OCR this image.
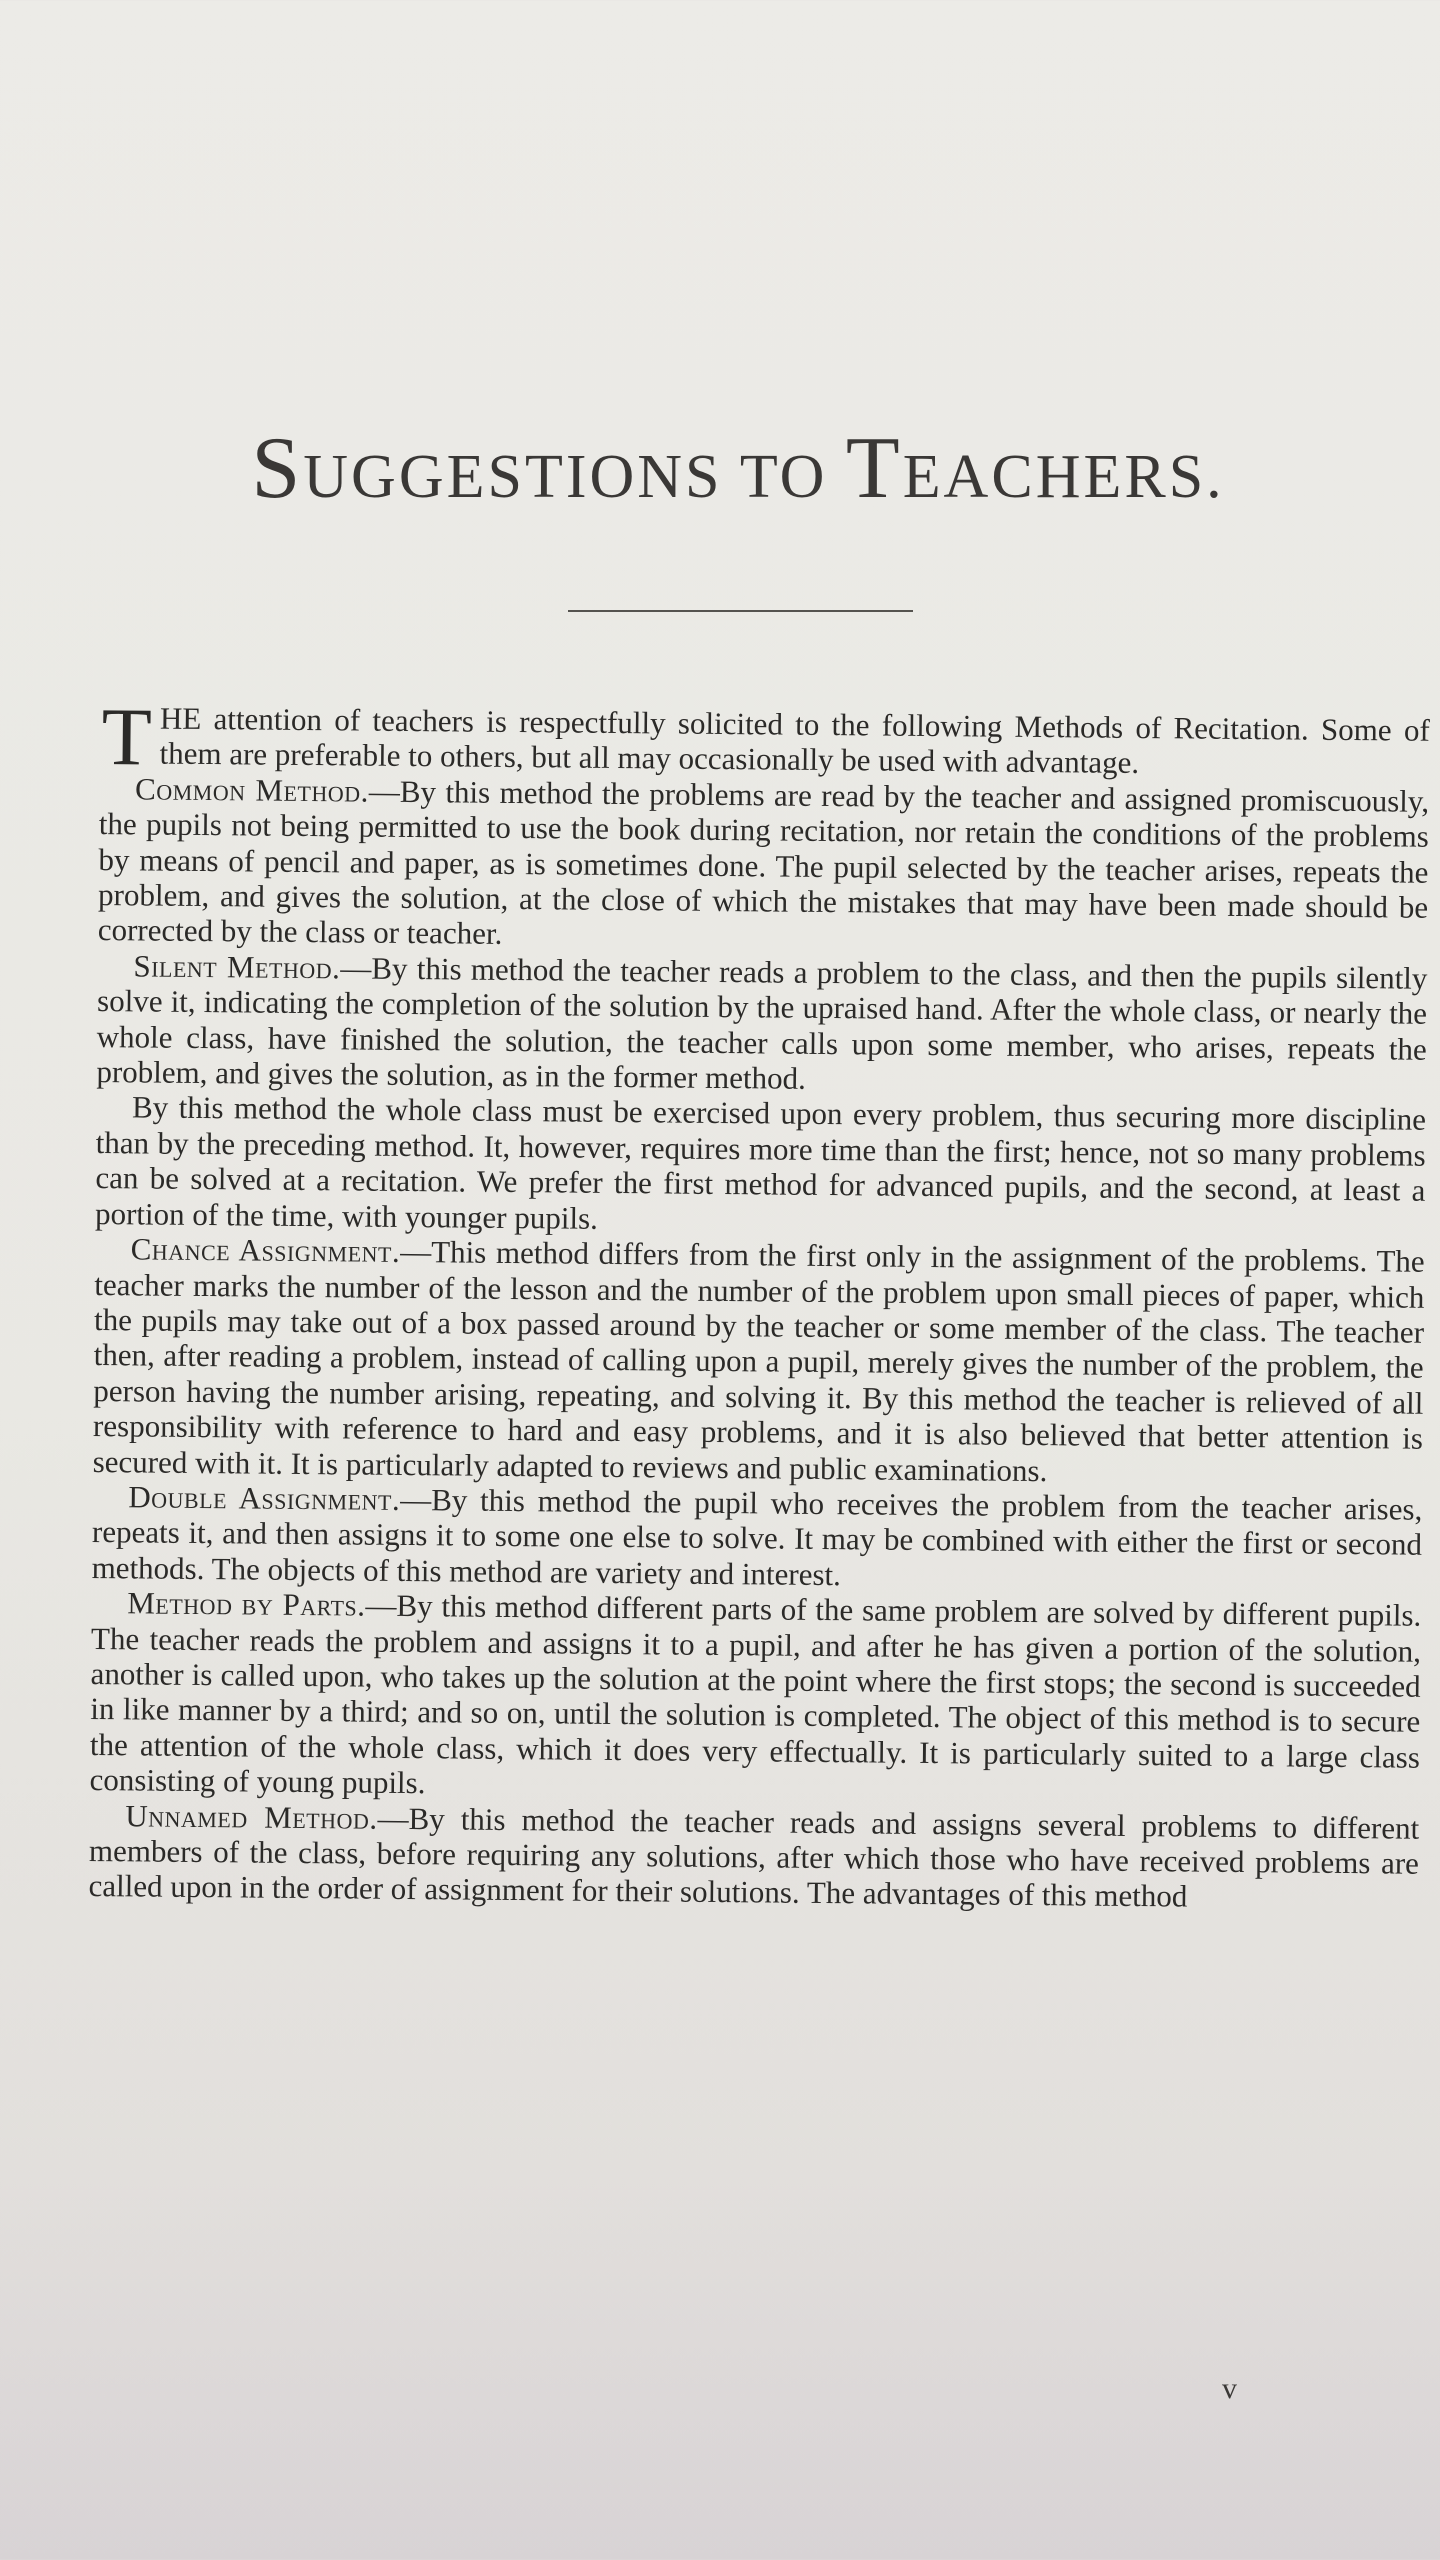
SUGGESTIONS TO TEACHERS.

THE attention of teachers is respectfully solicited to the following Methods of Recitation. Some of them are preferable to others, but all may occasionally be used with advantage.

Common Method.—By this method the problems are read by the teacher and assigned promiscuously, the pupils not being permitted to use the book during recitation, nor retain the conditions of the problems by means of pencil and paper, as is sometimes done. The pupil selected by the teacher arises, repeats the problem, and gives the solution, at the close of which the mistakes that may have been made should be corrected by the class or teacher.

Silent Method.—By this method the teacher reads a problem to the class, and then the pupils silently solve it, indicating the completion of the solution by the upraised hand. After the whole class, or nearly the whole class, have finished the solution, the teacher calls upon some member, who arises, repeats the problem, and gives the solution, as in the former method.

By this method the whole class must be exercised upon every problem, thus securing more discipline than by the preceding method. It, however, requires more time than the first; hence, not so many problems can be solved at a recitation. We prefer the first method for advanced pupils, and the second, at least a portion of the time, with younger pupils.

Chance Assignment.—This method differs from the first only in the assignment of the problems. The teacher marks the number of the lesson and the number of the problem upon small pieces of paper, which the pupils may take out of a box passed around by the teacher or some member of the class. The teacher then, after reading a problem, instead of calling upon a pupil, merely gives the number of the problem, the person having the number arising, repeating, and solving it. By this method the teacher is relieved of all responsibility with reference to hard and easy problems, and it is also believed that better attention is secured with it. It is particularly adapted to reviews and public examinations.

Double Assignment.—By this method the pupil who receives the problem from the teacher arises, repeats it, and then assigns it to some one else to solve. It may be combined with either the first or second methods. The objects of this method are variety and interest.

Method by Parts.—By this method different parts of the same problem are solved by different pupils. The teacher reads the problem and assigns it to a pupil, and after he has given a portion of the solution, another is called upon, who takes up the solution at the point where the first stops; the second is succeeded in like manner by a third; and so on, until the solution is completed. The object of this method is to secure the attention of the whole class, which it does very effectually. It is particularly suited to a large class consisting of young pupils.

Unnamed Method.—By this method the teacher reads and assigns several problems to different members of the class, before requiring any solutions, after which those who have received problems are called upon in the order of assignment for their solutions. The advantages of this method

v
